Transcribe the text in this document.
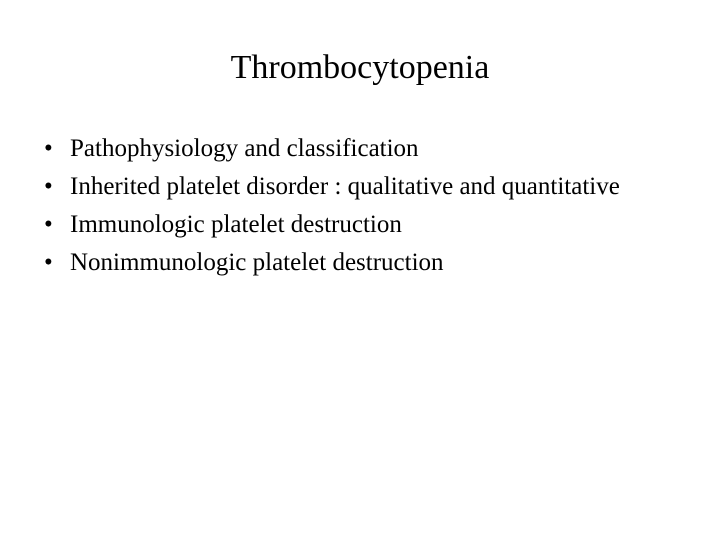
Thrombocytopenia
• Pathophysiology and classification
• Inherited platelet disorder : qualitative and quantitative
• Immunologic platelet destruction
• Nonimmunologic platelet destruction
